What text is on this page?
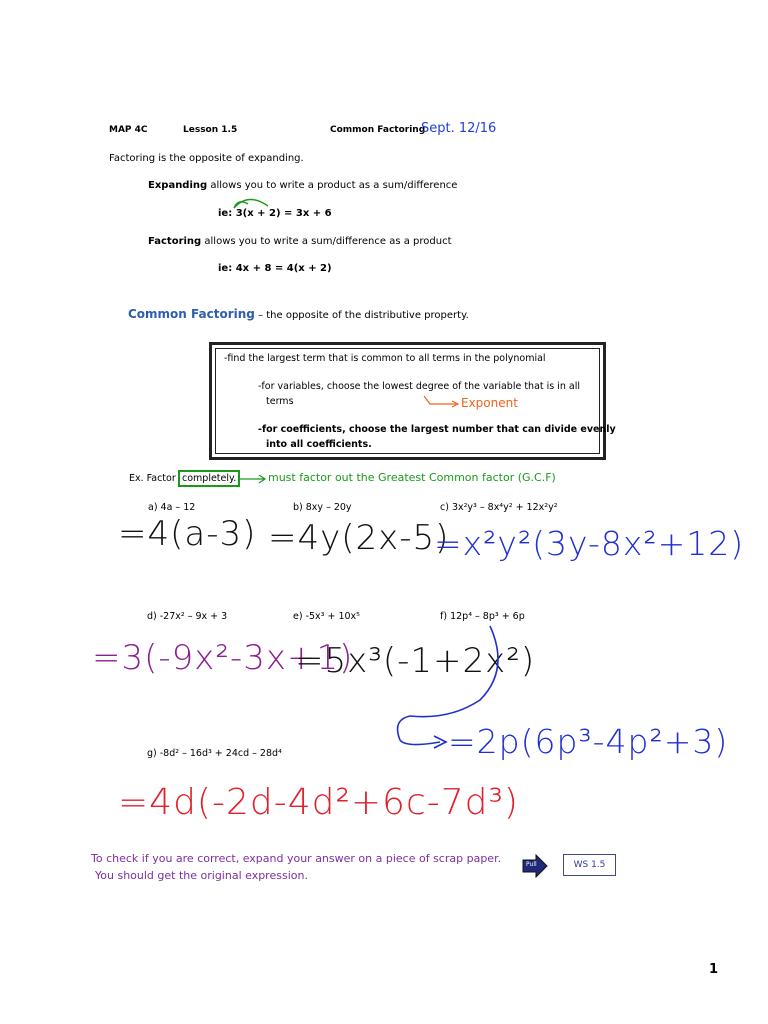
MAP 4C	Lesson 1.5	Common Factoring
Sept. 12/16
Factoring is the opposite of expanding.
Expanding allows you to write a product as a sum/difference
ie: 3(x + 2) = 3x + 6
Factoring allows you to write a sum/difference as a product
ie: 4x + 8 = 4(x + 2)
Common Factoring – the opposite of the distributive property.
-find the largest term that is common to all terms in the polynomial
-for variables, choose the lowest degree of the variable that is in all
terms	Exponent
-for coefficients, choose the largest number that can divide evenly
into all coefficients.
Ex. Factor completely.	must factor out the Greatest Common factor (G.C.F)
a) 4a – 12	b) 8xy – 20y	c) 3x²y³ – 8x⁴y² + 12x²y²
=4(a-3) =4y(2x-5)
=x²y²(3y-8x²+12)
d) -27x² – 9x + 3	e) -5x³ + 10x⁵	f) 12p⁴ – 8p³ + 6p
=3(-9x²-3x+1)
=5x³(-1+2x²)
=2p(6p³-4p²+3)
g) -8d² – 16d³ + 24cd – 28d⁴
=4d(-2d-4d²+6c-7d³)
To check if you are correct, expand your answer on a piece of scrap paper.
You should get the original expression.
Pull	WS 1.5
1
